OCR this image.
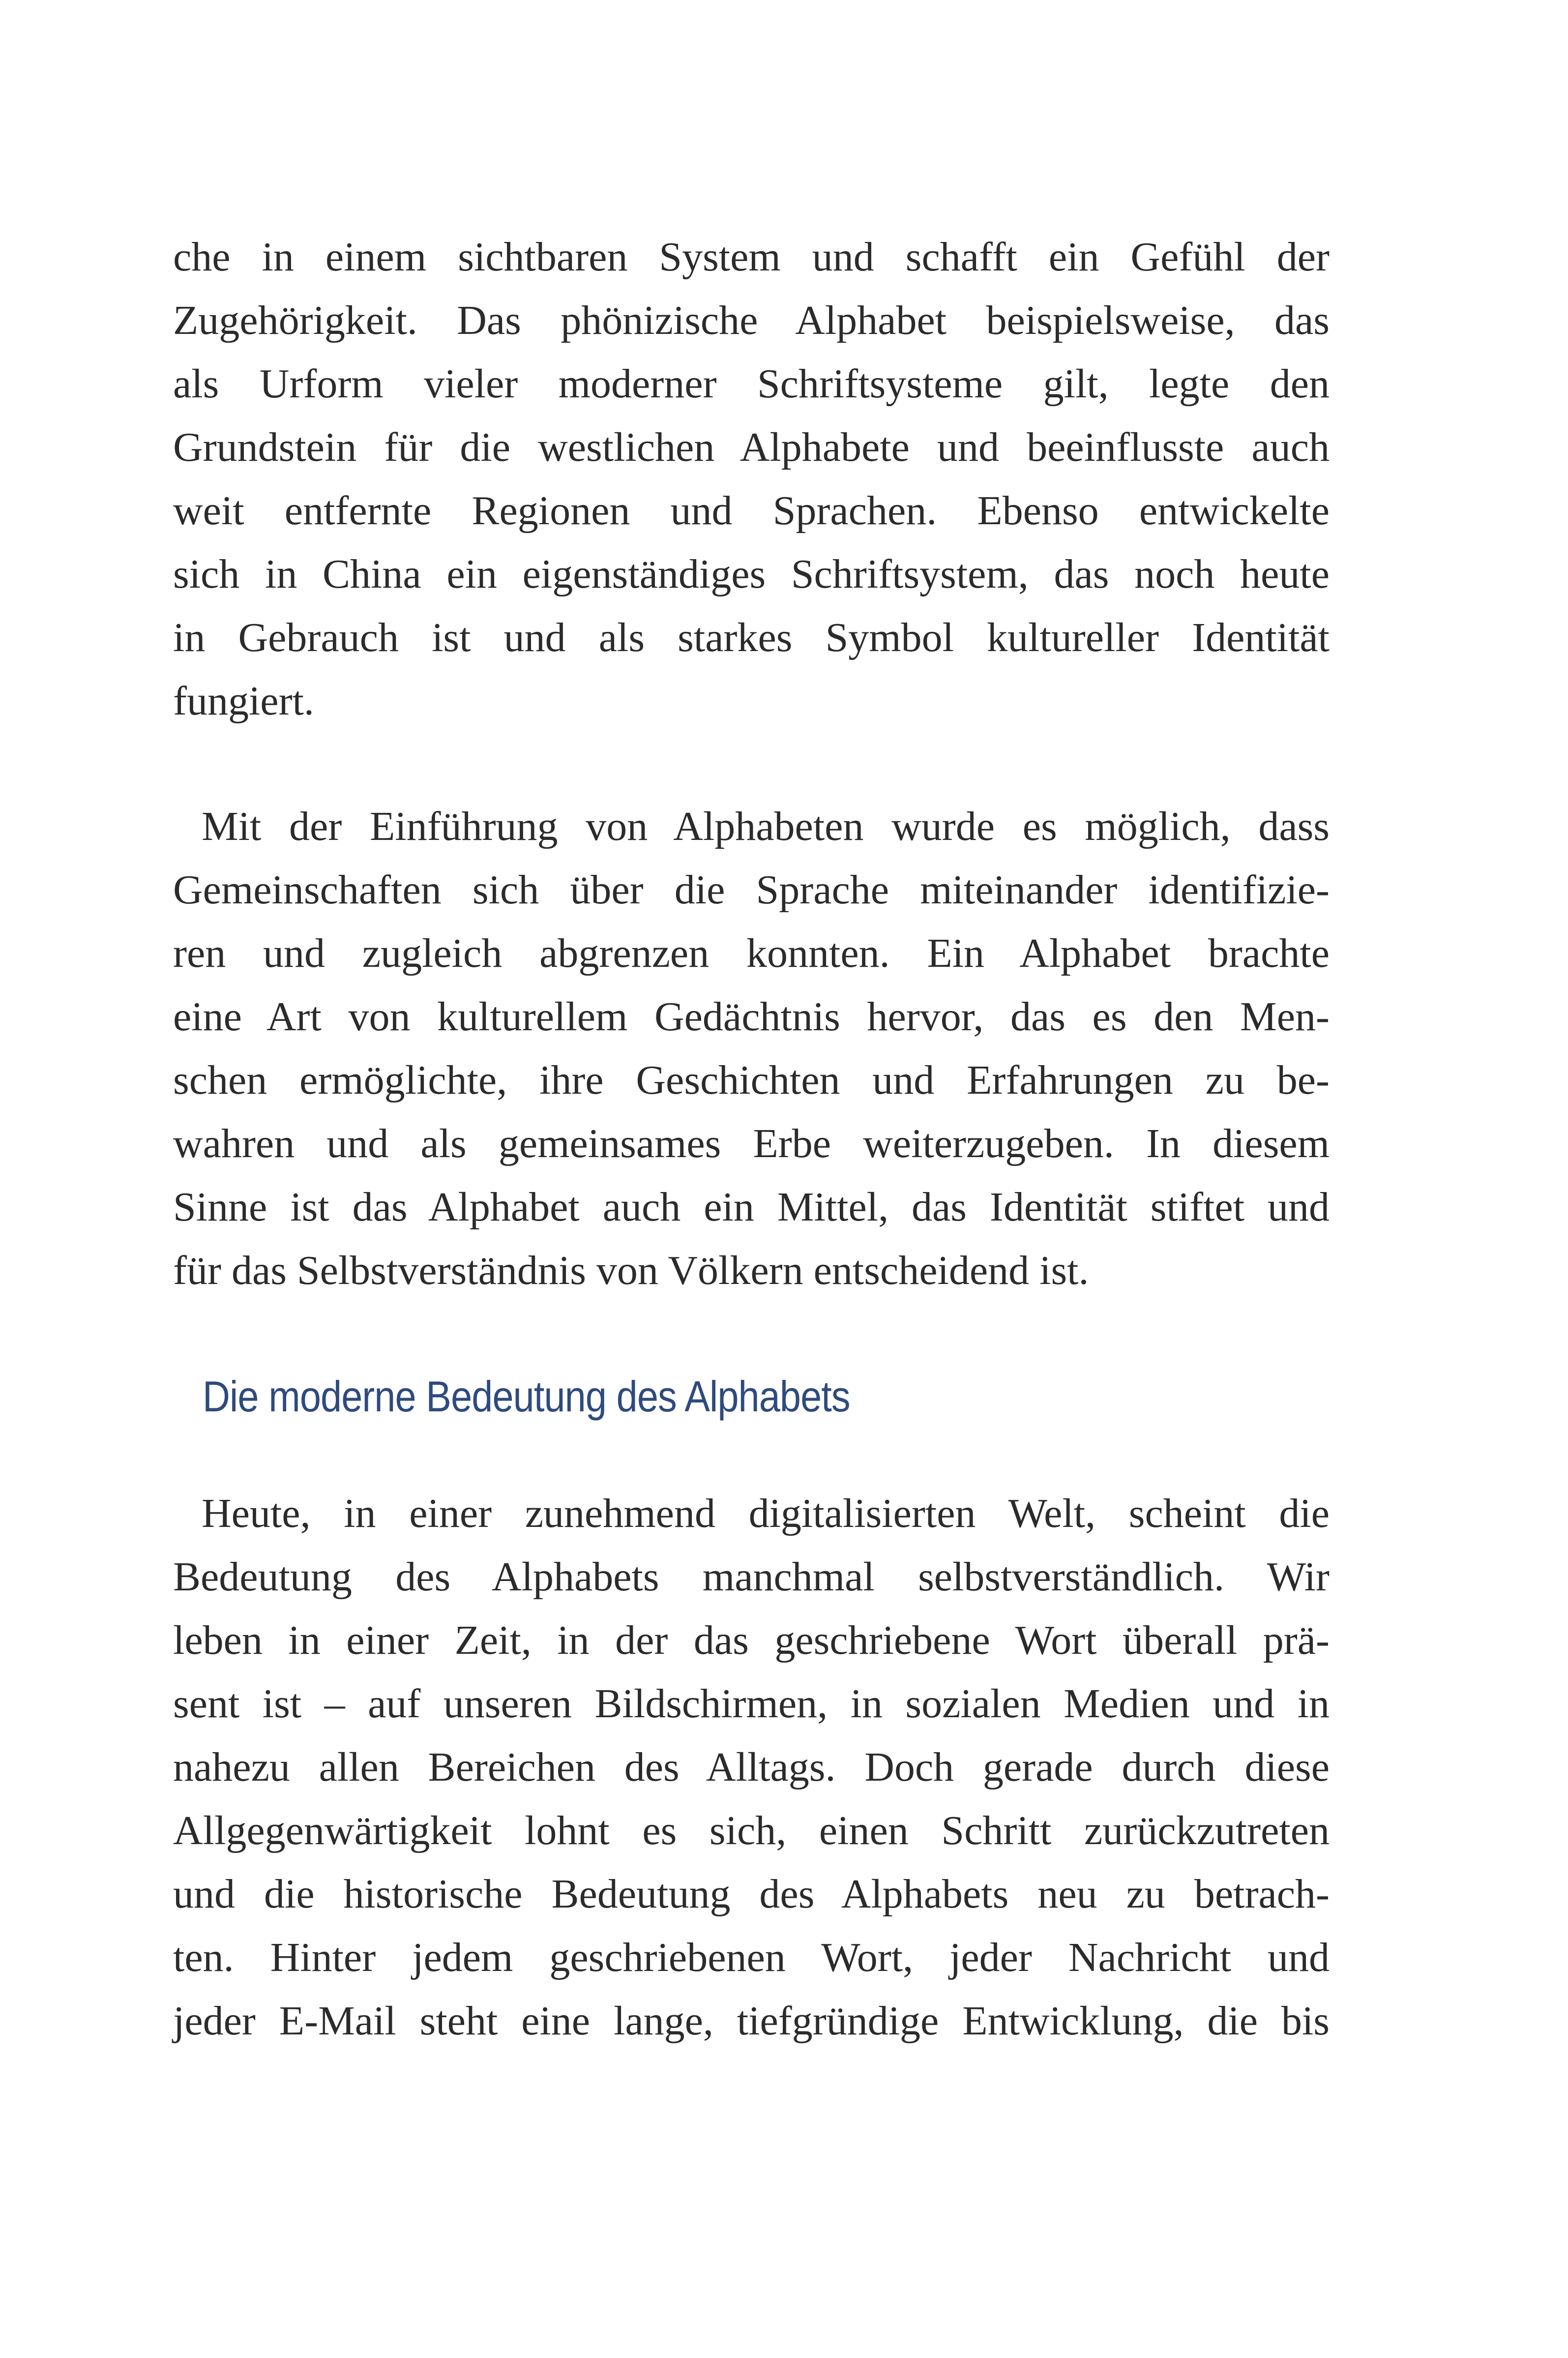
che in einem sichtbaren System und schafft ein Gefühl der
Zugehörigkeit. Das phönizische Alphabet beispielsweise, das
als Urform vieler moderner Schriftsysteme gilt, legte den
Grundstein für die westlichen Alphabete und beeinflusste auch
weit entfernte Regionen und Sprachen. Ebenso entwickelte
sich in China ein eigenständiges Schriftsystem, das noch heute
in Gebrauch ist und als starkes Symbol kultureller Identität
fungiert.
Mit der Einführung von Alphabeten wurde es möglich, dass
Gemeinschaften sich über die Sprache miteinander identifizie-
ren und zugleich abgrenzen konnten. Ein Alphabet brachte
eine Art von kulturellem Gedächtnis hervor, das es den Men-
schen ermöglichte, ihre Geschichten und Erfahrungen zu be-
wahren und als gemeinsames Erbe weiterzugeben. In diesem
Sinne ist das Alphabet auch ein Mittel, das Identität stiftet und
für das Selbstverständnis von Völkern entscheidend ist.
Die moderne Bedeutung des Alphabets
Heute, in einer zunehmend digitalisierten Welt, scheint die
Bedeutung des Alphabets manchmal selbstverständlich. Wir
leben in einer Zeit, in der das geschriebene Wort überall prä-
sent ist – auf unseren Bildschirmen, in sozialen Medien und in
nahezu allen Bereichen des Alltags. Doch gerade durch diese
Allgegenwärtigkeit lohnt es sich, einen Schritt zurückzutreten
und die historische Bedeutung des Alphabets neu zu betrach-
ten. Hinter jedem geschriebenen Wort, jeder Nachricht und
jeder E-Mail steht eine lange, tiefgründige Entwicklung, die bis
